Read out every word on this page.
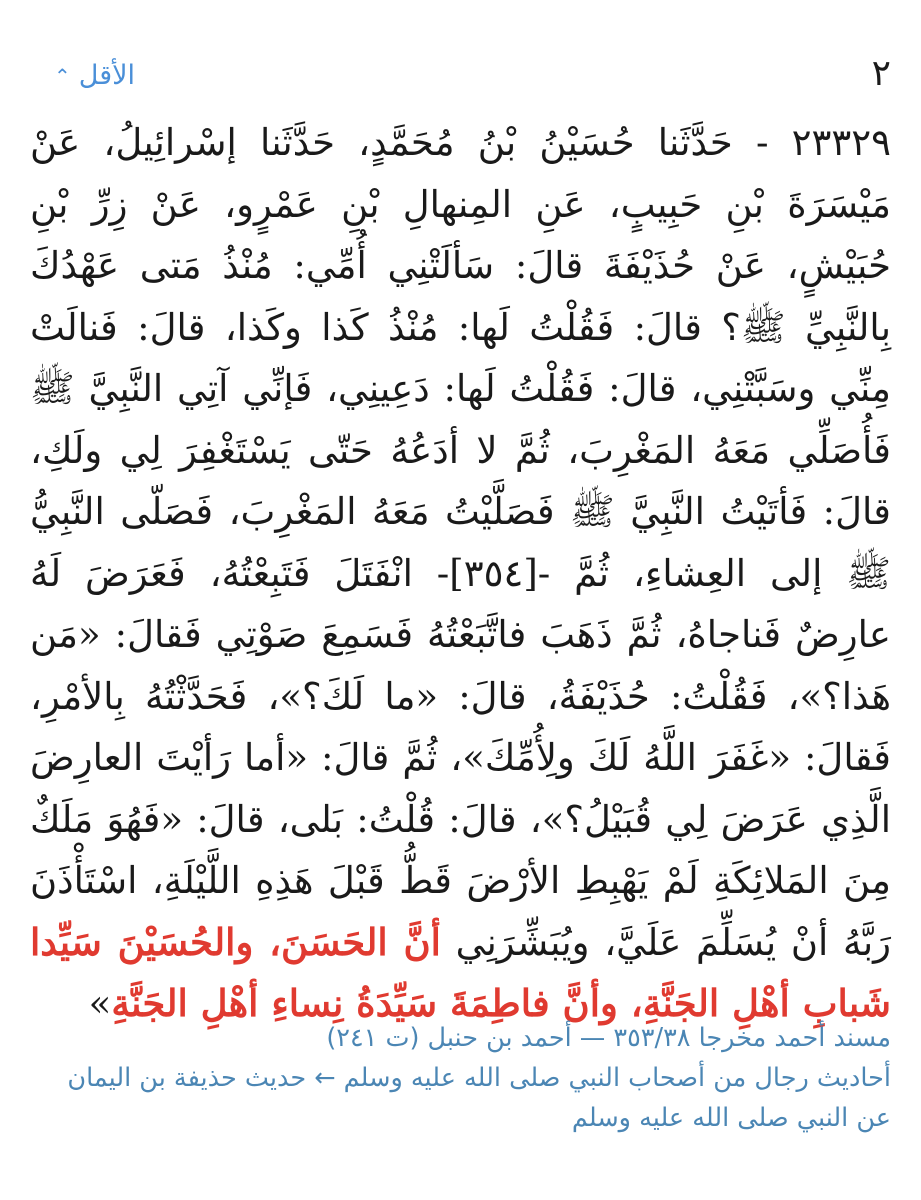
⌃ الأقل	٢
٢٣٣٢٩ - حَدَّثَنا حُسَيْنُ بْنُ مُحَمَّدٍ، حَدَّثَنا إسْرائِيلُ، عَنْ مَيْسَرَةَ بْنِ حَبِيبٍ، عَنِ المِنهالِ بْنِ عَمْرٍو، عَنْ زِرِّ بْنِ حُبَيْشٍ، عَنْ حُذَيْفَةَ قالَ: سَألَتْنِي أُمِّي: مُنْذُ مَتى عَهْدُكَ بِالنَّبِيِّ ﷺ؟ قالَ: فَقُلْتُ لَها: مُنْذُ كَذا وكَذا، قالَ: فَنالَتْ مِنِّي وسَبَّتْنِي، قالَ: فَقُلْتُ لَها: دَعِينِي، فَإنِّي آتِي النَّبِيَّ ﷺ فَأُصَلِّي مَعَهُ المَغْرِبَ، ثُمَّ لا أدَعُهُ حَتّى يَسْتَغْفِرَ لِي ولَكِ، قالَ: فَأتَيْتُ النَّبِيَّ ﷺ فَصَلَّيْتُ مَعَهُ المَغْرِبَ، فَصَلّى النَّبِيُّ ﷺ إلى العِشاءِ، ثُمَّ -[٣٥٤]- انْفَتَلَ فَتَبِعْتُهُ، فَعَرَضَ لَهُ عارِضٌ فَناجاهُ، ثُمَّ ذَهَبَ فاتَّبَعْتُهُ فَسَمِعَ صَوْتِي فَقالَ: «مَن هَذا؟»، فَقُلْتُ: حُذَيْفَةُ، قالَ: «ما لَكَ؟»، فَحَدَّثْتُهُ بِالأمْرِ، فَقالَ: «غَفَرَ اللَّهُ لَكَ ولِأُمِّكَ»، ثُمَّ قالَ: «أما رَأيْتَ العارِضَ الَّذِي عَرَضَ لِي قُبَيْلُ؟»، قالَ: قُلْتُ: بَلى، قالَ: «فَهُوَ مَلَكٌ مِنَ المَلائِكَةِ لَمْ يَهْبِطِ الأرْضَ قَطُّ قَبْلَ هَذِهِ اللَّيْلَةِ، اسْتَأْذَنَ رَبَّهُ أنْ يُسَلِّمَ عَلَيَّ، ويُبَشِّرَنِي أنَّ الحَسَنَ، والحُسَيْنَ سَيِّدا شَبابِ أهْلِ الجَنَّةِ، وأنَّ فاطِمَةَ سَيِّدَةُ نِساءِ أهْلِ الجَنَّةِ»
مسند أحمد مخرجا ٣٥٣/٣٨ — أحمد بن حنبل (ت ٢٤١)
أحاديث رجال من أصحاب النبي صلى الله عليه وسلم ← حديث حذيفة بن اليمان عن النبي صلى الله عليه وسلم
